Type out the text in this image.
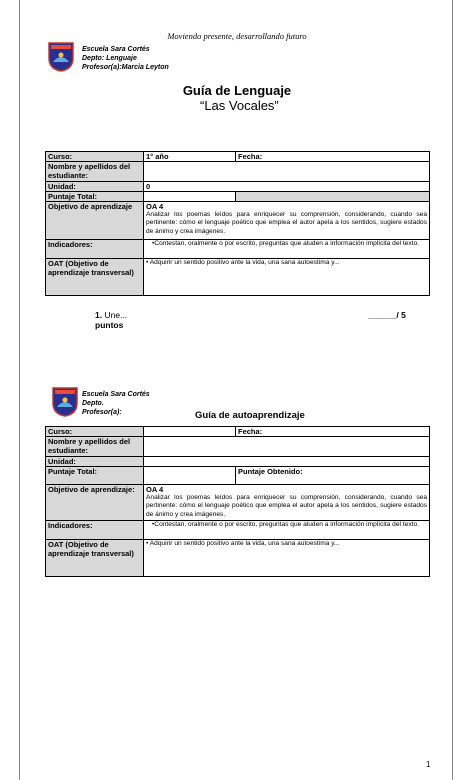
Moviendo presente, desarrollando futuro
Escuela Sara Cortés
Depto: Lenguaje
Profesor(a):Marcia Leyton
Guía de Lenguaje
“Las Vocales”
Curso:	1° año	Fecha:
Nombre y apellidos del estudiante:		
Unidad:	0	
Puntaje Total:		
Objetivo de aprendizaje	OA 4
Analizar los poemas leídos para enriquecer su comprensión, considerando, cuando sea pertinente: cómo el lenguaje poético que emplea el autor apela a los sentidos, sugiere estados de ánimo y crea imágenes.	

Indicadores:	•Contestan, oralmente o por escrito, preguntas que aluden a información implícita del texto.	
OAT (Objetivo de aprendizaje transversal)	• Adquirir un sentido positivo ante la vida, una sana autoestima y...	
1. Une...
puntos
______/ 5
Escuela Sara Cortés
Depto.
Profesor(a):	Guía de autoaprendizaje
Curso:		Fecha:
Nombre y apellidos del estudiante:		
Unidad:		
Puntaje Total:		Puntaje Obtenido:
Objetivo de aprendizaje:	OA 4
Analizar los poemas leídos para enriquecer su comprensión, considerando, cuando sea pertinente: cómo el lenguaje poético que emplea el autor apela a los sentidos, sugiere estados de ánimo y crea imágenes.	

Indicadores:	•Contestan, oralmente o por escrito, preguntas que aluden a información implícita del texto.	
OAT (Objetivo de aprendizaje transversal)	• Adquirir un sentido positivo ante la vida, una sana autoestima y...	
1
